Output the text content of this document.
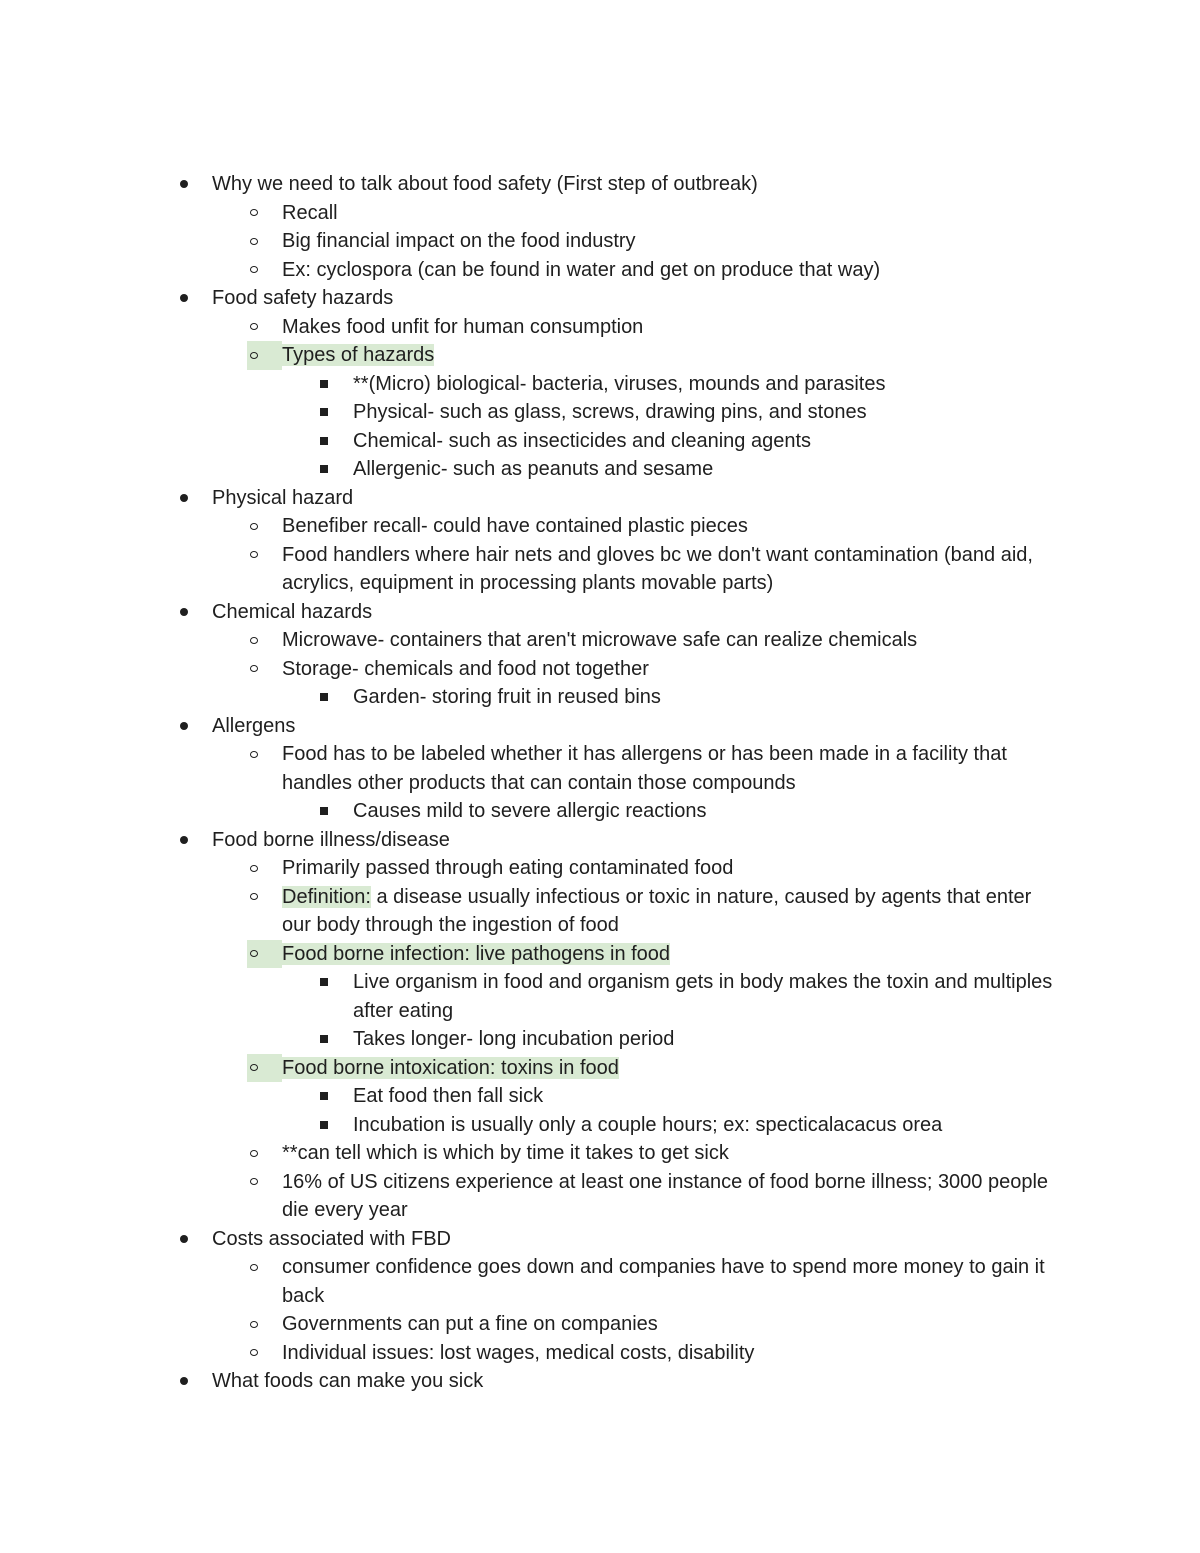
Why we need to talk about food safety (First step of outbreak)
Recall
Big financial impact on the food industry
Ex: cyclospora (can be found in water and get on produce that way)
Food safety hazards
Makes food unfit for human consumption
Types of hazards
**(Micro) biological- bacteria, viruses, mounds and parasites
Physical- such as glass, screws, drawing pins, and stones
Chemical- such as insecticides and cleaning agents
Allergenic- such as peanuts and sesame
Physical hazard
Benefiber recall- could have contained plastic pieces
Food handlers where hair nets and gloves bc we don't want contamination (band aid, acrylics, equipment in processing plants movable parts)
Chemical hazards
Microwave- containers that aren't microwave safe can realize chemicals
Storage- chemicals and food not together
Garden- storing fruit in reused bins
Allergens
Food has to be labeled whether it has allergens or has been made in a facility that handles other products that can contain those compounds
Causes mild to severe allergic reactions
Food borne illness/disease
Primarily passed through eating contaminated food
Definition: a disease usually infectious or toxic in nature, caused by agents that enter our body through the ingestion of food
Food borne infection: live pathogens in food
Live organism in food and organism gets in body makes the toxin and multiples after eating
Takes longer- long incubation period
Food borne intoxication: toxins in food
Eat food then fall sick
Incubation is usually only a couple hours; ex: specticalacacus orea
**can tell which is which by time it takes to get sick
16% of US citizens experience at least one instance of food borne illness; 3000 people die every year
Costs associated with FBD
consumer confidence goes down and companies have to spend more money to gain it back
Governments can put a fine on companies
Individual issues: lost wages, medical costs, disability
What foods can make you sick
